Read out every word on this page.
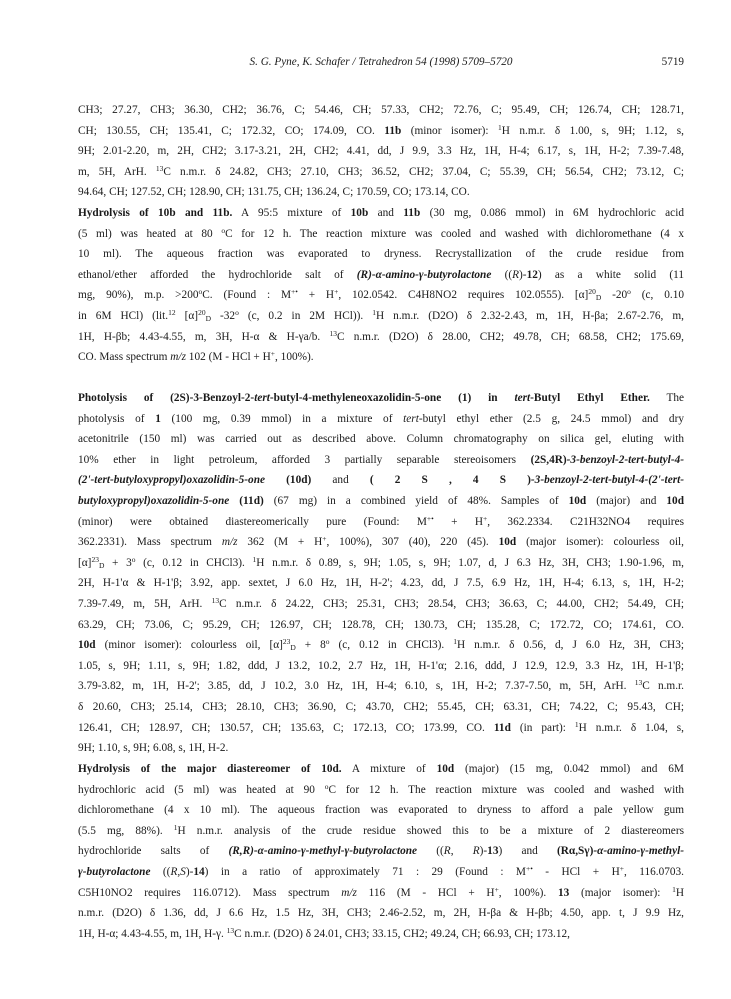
S. G. Pyne, K. Schafer / Tetrahedron 54 (1998) 5709–5720	5719
CH3; 27.27, CH3; 36.30, CH2; 36.76, C; 54.46, CH; 57.33, CH2; 72.76, C; 95.49, CH; 126.74, CH; 128.71,
CH; 130.55, CH; 135.41, C; 172.32, CO; 174.09, CO. 11b (minor isomer): $^1$H n.m.r. δ 1.00, s, 9H; 1.12, s,
9H; 2.01-2.20, m, 2H, CH2; 3.17-3.21, 2H, CH2; 4.41, dd, J 9.9, 3.3 Hz, 1H, H-4; 6.17, s, 1H, H-2; 7.39-7.48,
m, 5H, ArH. $^{13}$C n.m.r. δ 24.82, CH3; 27.10, CH3; 36.52, CH2; 37.04, C; 55.39, CH; 56.54, CH2; 73.12, C;
94.64, CH; 127.52, CH; 128.90, CH; 131.75, CH; 136.24, C; 170.59, CO; 173.14, CO.
Hydrolysis of 10b and 11b. A 95:5 mixture of 10b and 11b (30 mg, 0.086 mmol) in 6M hydrochloric acid
(5 ml) was heated at 80 $^o$C for 12 h. The reaction mixture was cooled and washed with dichloromethane (4 x
10 ml). The aqueous fraction was evaporated to dryness. Recrystallization of the crude residue from
ethanol/ether afforded the hydrochloride salt of (R)-α-amino-γ-butyrolactone ((R)-12) as a white solid (11
mg, 90%), m.p. $>200^oC$. (Found : M+• + H+, 102.0542. C4H8NO2 requires 102.0555). $[\alpha]^{20}_D$ -20$^o$ (c, 0.10
in 6M HCl) (lit.$^{12}$ $[\alpha]^{20}_D$ -32$^o$ (c, 0.2 in 2M HCl)). $^1$H n.m.r. (D2O) δ 2.32-2.43, m, 1H, H-βa; 2.67-2.76, m,
1H, H-βb; 4.43-4.55, m, 3H, H-α & H-γa/b. $^{13}$C n.m.r. (D2O) δ 28.00, CH2; 49.78, CH; 68.58, CH2; 175.69,
CO. Mass spectrum m/z 102 (M - HCl + H+, 100%).
Photolysis of (2S)-3-Benzoyl-2-tert-butyl-4-methyleneoxazolidin-5-one (1) in tert-Butyl Ethyl Ether. The
photolysis of 1 (100 mg, 0.39 mmol) in a mixture of tert-butyl ethyl ether (2.5 g, 24.5 mmol) and dry
acetonitrile (150 ml) was carried out as described above. Column chromatography on silica gel, eluting with
10% ether in light petroleum, afforded 3 partially separable stereoisomers (2S,4R)-3-benzoyl-2-tert-butyl-4-
(2'-tert-butyloxypropyl)oxazolidin-5-one (10d) and ( 2 S , 4 S )-3-benzoyl-2-tert-butyl-4-(2'-tert-
butyloxypropyl)oxazolidin-5-one (11d) (67 mg) in a combined yield of 48%. Samples of 10d (major) and 10d
(minor) were obtained diastereomerically pure (Found: M+• + H+, 362.2334. C21H32NO4 requires
362.2331). Mass spectrum m/z 362 (M + H+, 100%), 307 (40), 220 (45). 10d (major isomer): colourless oil,
$[\alpha]^{23}_D + 3^o$ (c, 0.12 in CHCl3). $^1$H n.m.r. δ 0.89, s, 9H; 1.05, s, 9H; 1.07, d, J 6.3 Hz, 3H, CH3; 1.90-1.96, m,
2H, H-1'α & H-1'β; 3.92, app. sextet, J 6.0 Hz, 1H, H-2'; 4.23, dd, J 7.5, 6.9 Hz, 1H, H-4; 6.13, s, 1H, H-2;
7.39-7.49, m, 5H, ArH. $^{13}$C n.m.r. δ 24.22, CH3; 25.31, CH3; 28.54, CH3; 36.63, C; 44.00, CH2; 54.49, CH;
63.29, CH; 73.06, C; 95.29, CH; 126.97, CH; 128.78, CH; 130.73, CH; 135.28, C; 172.72, CO; 174.61, CO.
10d (minor isomer): colourless oil, $[\alpha]^{23}_D + 8^o$ (c, 0.12 in CHCl3). $^1$H n.m.r. δ 0.56, d, J 6.0 Hz, 3H, CH3;
1.05, s, 9H; 1.11, s, 9H; 1.82, ddd, J 13.2, 10.2, 2.7 Hz, 1H, H-1'α; 2.16, ddd, J 12.9, 12.9, 3.3 Hz, 1H, H-1'β;
3.79-3.82, m, 1H, H-2'; 3.85, dd, J 10.2, 3.0 Hz, 1H, H-4; 6.10, s, 1H, H-2; 7.37-7.50, m, 5H, ArH. $^{13}$C n.m.r.
δ 20.60, CH3; 25.14, CH3; 28.10, CH3; 36.90, C; 43.70, CH2; 55.45, CH; 63.31, CH; 74.22, C; 95.43, CH;
126.41, CH; 128.97, CH; 130.57, CH; 135.63, C; 172.13, CO; 173.99, CO. 11d (in part): $^1$H n.m.r. δ 1.04, s,
9H; 1.10, s, 9H; 6.08, s, 1H, H-2.
Hydrolysis of the major diastereomer of 10d. A mixture of 10d (major) (15 mg, 0.042 mmol) and 6M
hydrochloric acid (5 ml) was heated at 90 $^o$C for 12 h. The reaction mixture was cooled and washed with
dichloromethane (4 x 10 ml). The aqueous fraction was evaporated to dryness to afford a pale yellow gum
(5.5 mg, 88%). $^1$H n.m.r. analysis of the crude residue showed this to be a mixture of 2 diastereomers
hydrochloride salts of (R,R)-α-amino-γ-methyl-γ-butyrolactone ((R, R)-13) and (Rα,Sγ)-α-amino-γ-methyl-
γ-butyrolactone ((R,S)-14) in a ratio of approximately 71 : 29 (Found : M+• - HCl + H+, 116.0703.
C5H10NO2 requires 116.0712). Mass spectrum m/z 116 (M - HCl + H+, 100%). 13 (major isomer): $^1$H
n.m.r. (D2O) δ 1.36, dd, J 6.6 Hz, 1.5 Hz, 3H, CH3; 2.46-2.52, m, 2H, H-βa & H-βb; 4.50, app. t, J 9.9 Hz,
1H, H-α; 4.43-4.55, m, 1H, H-γ. $^{13}$C n.m.r. (D2O) δ 24.01, CH3; 33.15, CH2; 49.24, CH; 66.93, CH; 173.12,
